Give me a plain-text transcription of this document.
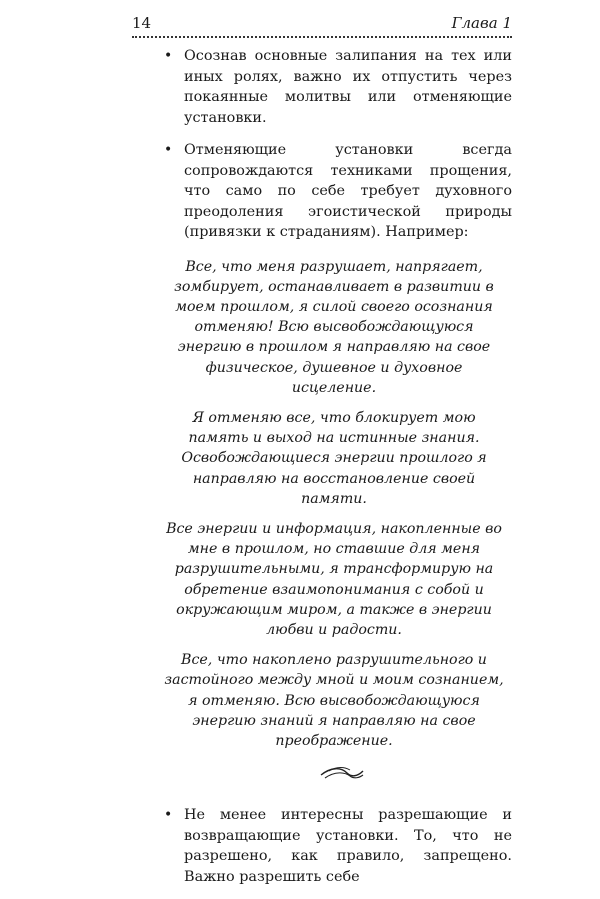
14	Глава 1
• Осознав основные залипания на тех или иных ролях, важно их отпустить через покаянные молитвы или отменяющие установки.
• Отменяющие установки всегда сопровождаются техниками прощения, что само по себе требует духовного преодоления эгоистической природы (привязки к страданиям). Например:

Все, что меня разрушает, напрягает, зомбирует, останавливает в развитии в моем прошлом, я силой своего осознания отменяю! Всю высвобождающуюся энергию в прошлом я направляю на свое физическое, душевное и духовное исцеление.

Я отменяю все, что блокирует мою память и выход на истинные знания. Освобождающиеся энергии прошлого я направляю на восстановление своей памяти.

Все энергии и информация, накопленные во мне в прошлом, но ставшие для меня разрушительными, я трансформирую на обретение взаимопонимания с собой и окружающим миром, а также в энергии любви и радости.

Все, что накоплено разрушительного и застойного между мной и моим сознанием, я отменяю. Всю высвобождающуюся энергию знаний я направляю на свое преображение.

• Не менее интересны разрешающие и возвращающие установки. То, что не разрешено, как правило, запрещено. Важно разрешить себе
